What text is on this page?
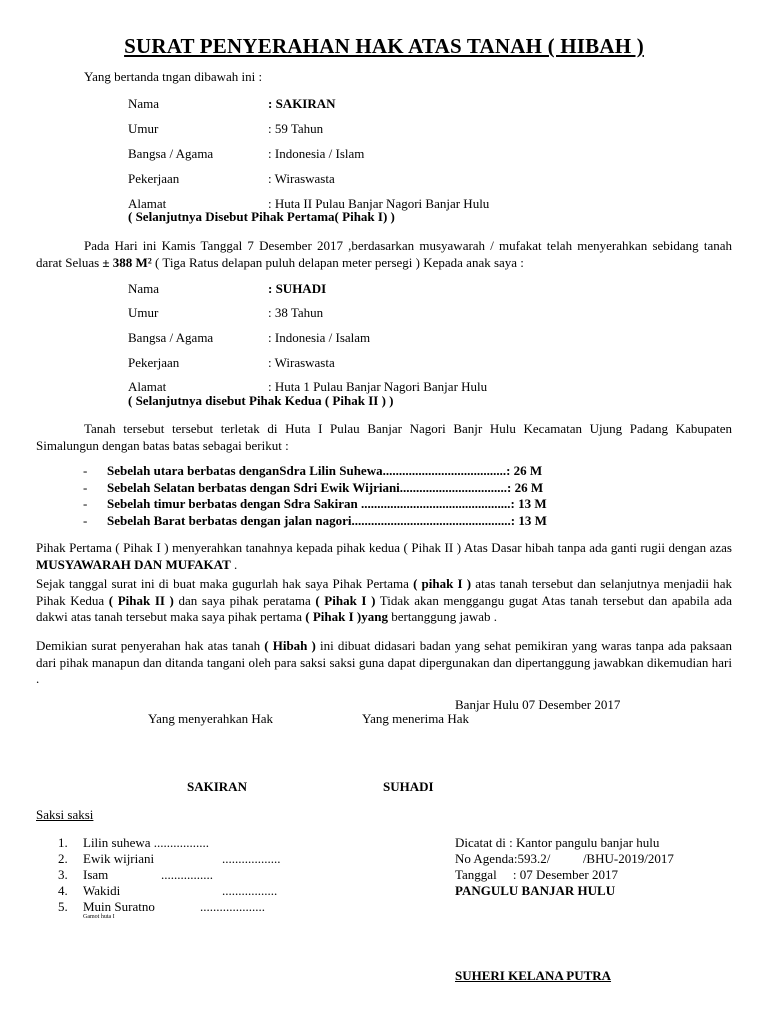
SURAT PENYERAHAN HAK ATAS TANAH ( HIBAH )
Yang bertanda tngan dibawah ini :
Nama	: SAKIRAN
Umur	: 59 Tahun
Bangsa / Agama	: Indonesia / Islam
Pekerjaan	: Wiraswasta
Alamat	: Huta II Pulau Banjar Nagori Banjar Hulu
( Selanjutnya Disebut Pihak Pertama( Pihak I) )
Pada Hari ini Kamis Tanggal 7 Desember 2017 ,berdasarkan musyawarah / mufakat telah menyerahkan sebidang tanah darat Seluas ± 388 M² ( Tiga Ratus delapan puluh delapan meter persegi ) Kepada anak saya :
Nama	: SUHADI
Umur	: 38 Tahun
Bangsa / Agama	: Indonesia / Isalam
Pekerjaan	: Wiraswasta
Alamat	: Huta 1 Pulau Banjar Nagori Banjar Hulu
( Selanjutnya disebut Pihak Kedua ( Pihak II ) )
Tanah tersebut tersebut terletak di Huta I Pulau Banjar Nagori Banjr Hulu Kecamatan Ujung Padang Kabupaten Simalungun dengan batas batas sebagai berikut :
- Sebelah utara berbatas denganSdra Lilin Suhewa......................................: 26 M
- Sebelah Selatan berbatas dengan Sdri Ewik Wijriani.................................: 26 M
- Sebelah timur berbatas dengan Sdra Sakiran ..............................................: 13 M
- Sebelah Barat berbatas dengan jalan nagori.................................................: 13 M
Pihak Pertama ( Pihak I ) menyerahkan tanahnya kepada pihak kedua ( Pihak II ) Atas Dasar hibah tanpa ada ganti rugii dengan azas MUSYAWARAH DAN MUFAKAT .
Sejak tanggal surat ini di buat maka gugurlah hak saya Pihak Pertama ( pihak I ) atas tanah tersebut dan selanjutnya menjadii hak Pihak Kedua ( Pihak II ) dan saya pihak peratama ( Pihak I ) Tidak akan menggangu gugat Atas tanah tersebut dan apabila ada dakwi atas tanah tersebut maka saya pihak pertama ( Pihak I )yang bertanggung jawab .
Demikian surat penyerahan hak atas tanah ( Hibah ) ini dibuat didasari badan yang sehat pemikiran yang waras tanpa ada paksaan dari pihak manapun dan ditanda tangani oleh para saksi saksi guna dapat dipergunakan dan dipertanggung jawabkan dikemudian hari .
Banjar Hulu 07 Desember 2017
Yang menyerahkan Hak	Yang menerima Hak
SAKIRAN	SUHADI
Saksi saksi
1. Lilin suhewa .................
2. Ewik wijriani	..................
3. Isam	................
4. Wakidi	.................
5. Muin Suratno	....................
Gamot huta I
Dicatat di : Kantor pangulu banjar hulu
No Agenda:593.2/          /BHU-2019/2017
Tanggal     : 07 Desember 2017
PANGULU BANJAR HULU
SUHERI KELANA PUTRA
